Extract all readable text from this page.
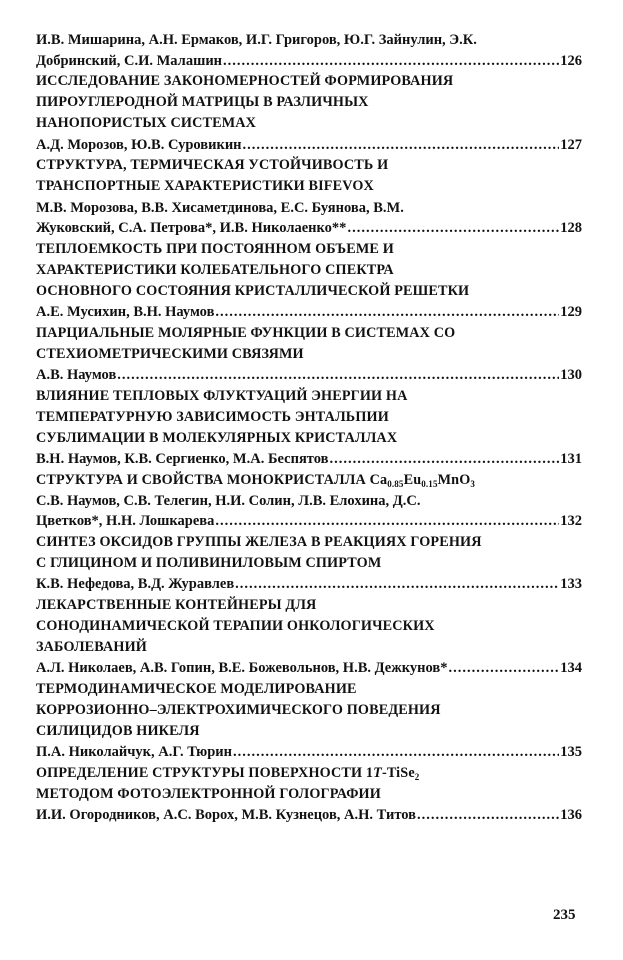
И.В. Мишарина, А.Н. Ермаков, И.Г. Григоров, Ю.Г. Зайнулин, Э.К.
Добринский, С.И. Малашин .....	126
ИССЛЕДОВАНИЕ ЗАКОНОМЕРНОСТЕЙ ФОРМИРОВАНИЯ
ПИРОУГЛЕРОДНОЙ МАТРИЦЫ В РАЗЛИЧНЫХ
НАНОПОРИСТЫХ СИСТЕМАХ
А.Д. Морозов, Ю.В. Суровикин .....	127
СТРУКТУРА, ТЕРМИЧЕСКАЯ УСТОЙЧИВОСТЬ И
ТРАНСПОРТНЫЕ ХАРАКТЕРИСТИКИ BIFEVOX
М.В. Морозова, В.В. Хисаметдинова, Е.С. Буянова, В.М.
Жуковский, С.А. Петрова*, И.В. Николаенко** .....	128
ТЕПЛОЕМКОСТЬ ПРИ ПОСТОЯННОМ ОБЪЕМЕ И
ХАРАКТЕРИСТИКИ КОЛЕБАТЕЛЬНОГО СПЕКТРА
ОСНОВНОГО СОСТОЯНИЯ КРИСТАЛЛИЧЕСКОЙ РЕШЕТКИ
А.Е. Мусихин, В.Н. Наумов .....	129
ПАРЦИАЛЬНЫЕ МОЛЯРНЫЕ ФУНКЦИИ В СИСТЕМАХ СО
СТЕХИОМЕТРИЧЕСКИМИ СВЯЗЯМИ
А.В. Наумов .....	130
ВЛИЯНИЕ ТЕПЛОВЫХ ФЛУКТУАЦИЙ ЭНЕРГИИ НА
ТЕМПЕРАТУРНУЮ ЗАВИСИМОСТЬ ЭНТАЛЬПИИ
СУБЛИМАЦИИ В МОЛЕКУЛЯРНЫХ КРИСТАЛЛАХ
В.Н. Наумов, К.В. Сергиенко, М.А. Беспятов .....	131
СТРУКТУРА И СВОЙСТВА МОНОКРИСТАЛЛА $Ca_{0.85}Eu_{0.15}MnO_3$
С.В. Наумов, С.В. Телегин, Н.И. Солин, Л.В. Елохина, Д.С.
Цветков*, Н.Н. Лошкарева .....	132
СИНТЕЗ ОКСИДОВ ГРУППЫ ЖЕЛЕЗА В РЕАКЦИЯХ ГОРЕНИЯ
С ГЛИЦИНОМ И ПОЛИВИНИЛОВЫМ СПИРТОМ
К.В. Нефедова, В.Д. Журавлев .....	133
ЛЕКАРСТВЕННЫЕ КОНТЕЙНЕРЫ ДЛЯ
СОНОДИНАМИЧЕСКОЙ ТЕРАПИИ ОНКОЛОГИЧЕСКИХ
ЗАБОЛЕВАНИЙ
А.Л. Николаев, А.В. Гопин, В.Е. Божевольнов, Н.В. Дежкунов* .....	134
ТЕРМОДИНАМИЧЕСКОЕ МОДЕЛИРОВАНИЕ
КОРРОЗИОННО–ЭЛЕКТРОХИМИЧЕСКОГО ПОВЕДЕНИЯ
СИЛИЦИДОВ НИКЕЛЯ
П.А. Николайчук, А.Г. Тюрин .....	135
ОПРЕДЕЛЕНИЕ СТРУКТУРЫ ПОВЕРХНОСТИ 1T-TiSe$_2$
МЕТОДОМ ФОТОЭЛЕКТРОННОЙ ГОЛОГРАФИИ
И.И. Огородников, А.С. Ворох, М.В. Кузнецов, А.Н. Титов .....	136
235
